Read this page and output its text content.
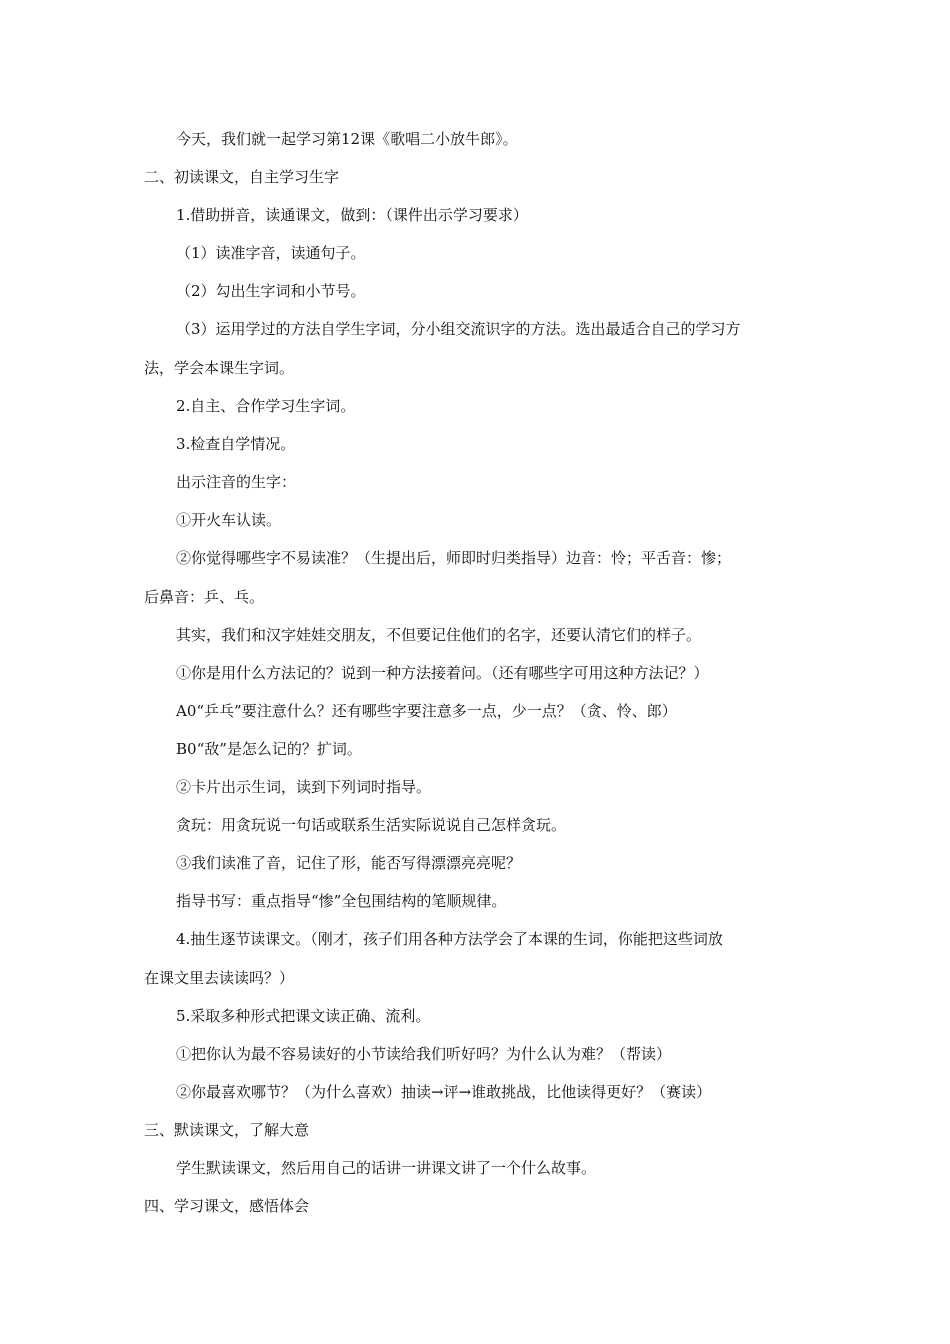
今天，我们就一起学习第12课《歌唱二小放牛郎》。
二、初读课文，自主学习生字
1.借助拼音，读通课文，做到：（课件出示学习要求）
（1）读准字音，读通句子。
（2）勾出生字词和小节号。
（3）运用学过的方法自学生字词，分小组交流识字的方法。选出最适合自己的学习方
法，学会本课生字词。
2.自主、合作学习生字词。
3.检查自学情况。
出示注音的生字：
①开火车认读。
②你觉得哪些字不易读准？（生提出后，师即时归类指导）边音：怜；平舌音：惨；
后鼻音：乒、乓。
其实，我们和汉字娃娃交朋友，不但要记住他们的名字，还要认清它们的样子。
①你是用什么方法记的？说到一种方法接着问。（还有哪些字可用这种方法记？）
A0“乒乓”要注意什么？还有哪些字要注意多一点，少一点？（贪、怜、郎）
B0“敌”是怎么记的？扩词。
②卡片出示生词，读到下列词时指导。
贪玩：用贪玩说一句话或联系生活实际说说自己怎样贪玩。
③我们读准了音，记住了形，能否写得漂漂亮亮呢？
指导书写：重点指导“惨”全包围结构的笔顺规律。
4.抽生逐节读课文。（刚才，孩子们用各种方法学会了本课的生词，你能把这些词放
在课文里去读读吗？）
5.采取多种形式把课文读正确、流利。
①把你认为最不容易读好的小节读给我们听好吗？为什么认为难？（帮读）
②你最喜欢哪节？（为什么喜欢）抽读→评→谁敢挑战，比他读得更好？（赛读）
三、默读课文，了解大意
学生默读课文，然后用自己的话讲一讲课文讲了一个什么故事。
四、学习课文，感悟体会
